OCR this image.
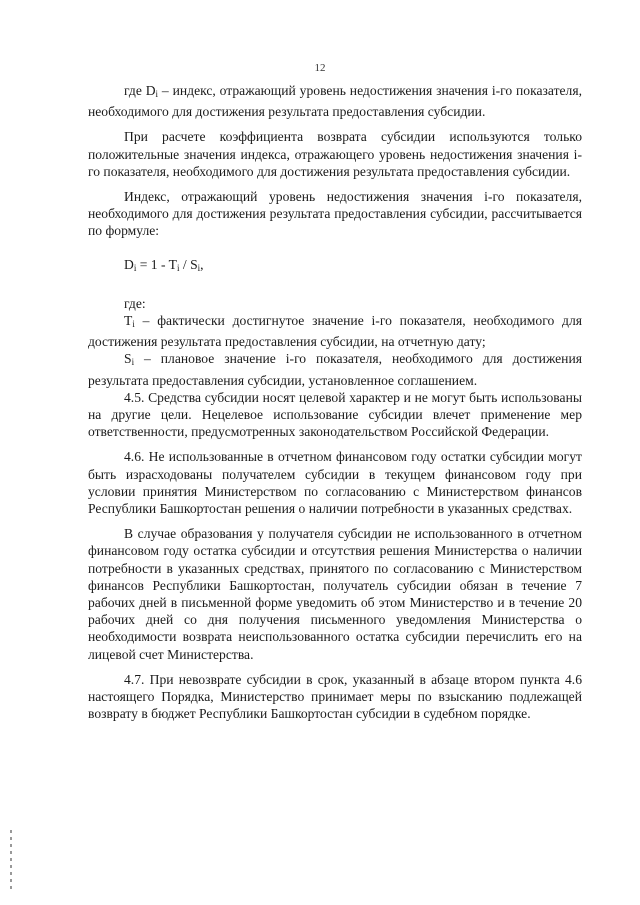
12

где $D_i$ – индекс, отражающий уровень недостижения значения i-го показателя, необходимого для достижения результата предоставления субсидии.

При расчете коэффициента возврата субсидии используются только положительные значения индекса, отражающего уровень недостижения значения i-го показателя, необходимого для достижения результата предоставления субсидии.

Индекс, отражающий уровень недостижения значения i-го показателя, необходимого для достижения результата предоставления субсидии, рассчитывается по формуле:

$D_i = 1 - T_i / S_i$,

где:

$T_i$ – фактически достигнутое значение i-го показателя, необходимого для достижения результата предоставления субсидии, на отчетную дату;

$S_i$ – плановое значение i-го показателя, необходимого для достижения результата предоставления субсидии, установленное соглашением.

4.5. Средства субсидии носят целевой характер и не могут быть использованы на другие цели. Нецелевое использование субсидии влечет применение мер ответственности, предусмотренных законодательством Российской Федерации.

4.6. Не использованные в отчетном финансовом году остатки субсидии могут быть израсходованы получателем субсидии в текущем финансовом году при условии принятия Министерством по согласованию с Министерством финансов Республики Башкортостан решения о наличии потребности в указанных средствах.

В случае образования у получателя субсидии не использованного в отчетном финансовом году остатка субсидии и отсутствия решения Министерства о наличии потребности в указанных средствах, принятого по согласованию с Министерством финансов Республики Башкортостан, получатель субсидии обязан в течение 7 рабочих дней в письменной форме уведомить об этом Министерство и в течение 20 рабочих дней со дня получения письменного уведомления Министерства о необходимости возврата неиспользованного остатка субсидии перечислить его на лицевой счет Министерства.

4.7. При невозврате субсидии в срок, указанный в абзаце втором пункта 4.6 настоящего Порядка, Министерство принимает меры по взысканию подлежащей возврату в бюджет Республики Башкортостан субсидии в судебном порядке.
